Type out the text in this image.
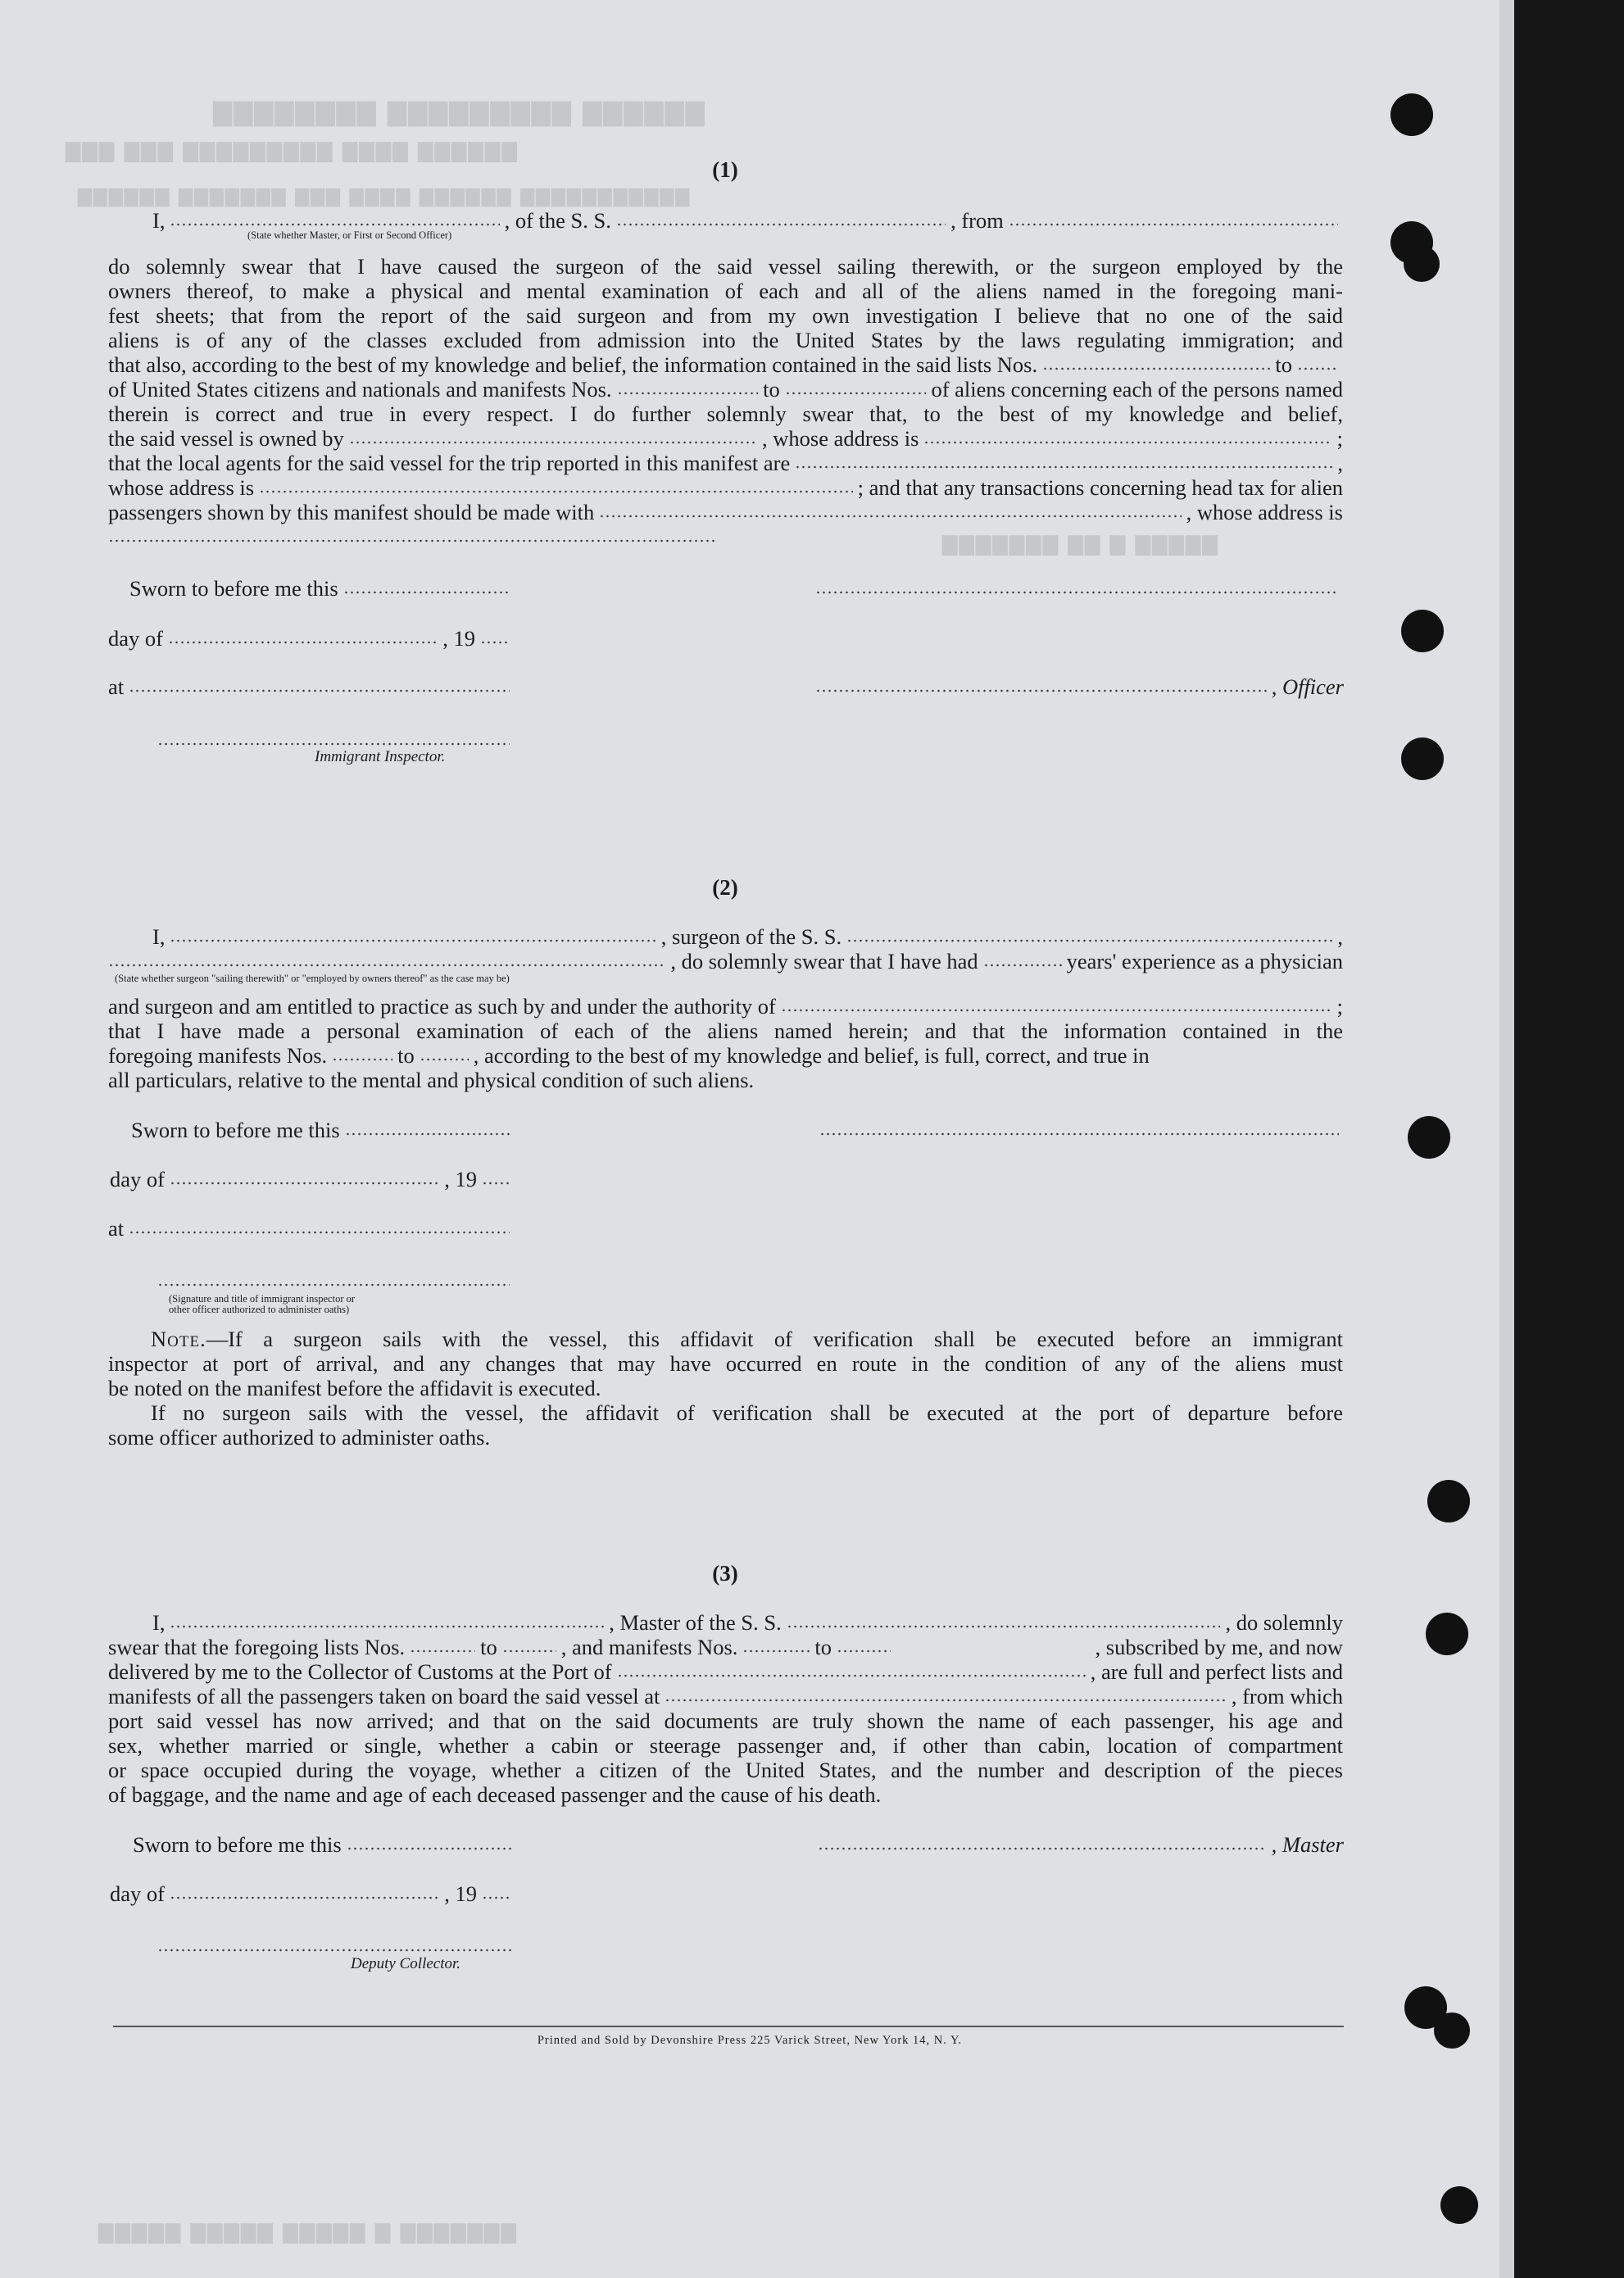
▇▇▇▇▇▇▇▇ ▇▇▇▇▇▇▇▇▇ ▇▇▇▇▇▇
▇▇▇ ▇▇▇ ▇▇▇▇▇▇▇▇▇ ▇▇▇▇ ▇▇▇▇▇▇
▇▇▇▇▇▇ ▇▇▇▇▇▇▇ ▇▇▇ ▇▇▇▇ ▇▇▇▇▇▇ ▇▇▇▇▇▇▇▇▇▇▇
▇▇▇▇▇▇▇ ▇▇ ▇ ▇▇▇▇▇
▇▇▇▇▇ ▇▇▇▇▇ ▇▇▇▇▇ ▇ ▇▇▇▇▇▇▇
(1)
I,	, of the S. S.	, from
(State whether Master, or First or Second Officer)
do solemnly swear that I have caused the surgeon of the said vessel sailing therewith, or the surgeon employed by the
owners thereof, to make a physical and mental examination of each and all of the aliens named in the foregoing mani-
fest sheets; that from the report of the said surgeon and from my own investigation I believe that no one of the said
aliens is of any of the classes excluded from admission into the United States by the laws regulating immigration; and
that also, according to the best of my knowledge and belief, the information contained in the said lists Nos.	to
of United States citizens and nationals and manifests Nos.	to	of aliens concerning each of the persons named
therein is correct and true in every respect. I do further solemnly swear that, to the best of my knowledge and belief,
the said vessel is owned by	, whose address is	;
that the local agents for the said vessel for the trip reported in this manifest are	,
whose address is	; and that any transactions concerning head tax for alien
passengers shown by this manifest should be made with	, whose address is
Sworn to before me this
day of	, 19
at	, Officer
Immigrant Inspector.
(2)
I,	, surgeon of the S. S.	,
, do solemnly swear that I have had	years' experience as a physician
(State whether surgeon "sailing therewith" or "employed by owners thereof" as the case may be)
and surgeon and am entitled to practice as such by and under the authority of	;
that I have made a personal examination of each of the aliens named herein; and that the information contained in the
foregoing manifests Nos.	to	, according to the best of my knowledge and belief, is full, correct, and true in
all particulars, relative to the mental and physical condition of such aliens.
Sworn to before me this
day of	, 19
at
(Signature and title of immigrant inspector or
other officer authorized to administer oaths)
Note.—If a surgeon sails with the vessel, this affidavit of verification shall be executed before an immigrant
inspector at port of arrival, and any changes that may have occurred en route in the condition of any of the aliens must
be noted on the manifest before the affidavit is executed.
If no surgeon sails with the vessel, the affidavit of verification shall be executed at the port of departure before
some officer authorized to administer oaths.
(3)
I,	, Master of the S. S.	, do solemnly
swear that the foregoing lists Nos.	to	, and manifests Nos.	to	, subscribed by me, and now
delivered by me to the Collector of Customs at the Port of	, are full and perfect lists and
manifests of all the passengers taken on board the said vessel at	, from which
port said vessel has now arrived; and that on the said documents are truly shown the name of each passenger, his age and
sex, whether married or single, whether a cabin or steerage passenger and, if other than cabin, location of compartment
or space occupied during the voyage, whether a citizen of the United States, and the number and description of the pieces
of baggage, and the name and age of each deceased passenger and the cause of his death.
Sworn to before me this	, Master
day of	, 19
Deputy Collector.
Printed and Sold by Devonshire Press 225 Varick Street, New York 14, N. Y.
